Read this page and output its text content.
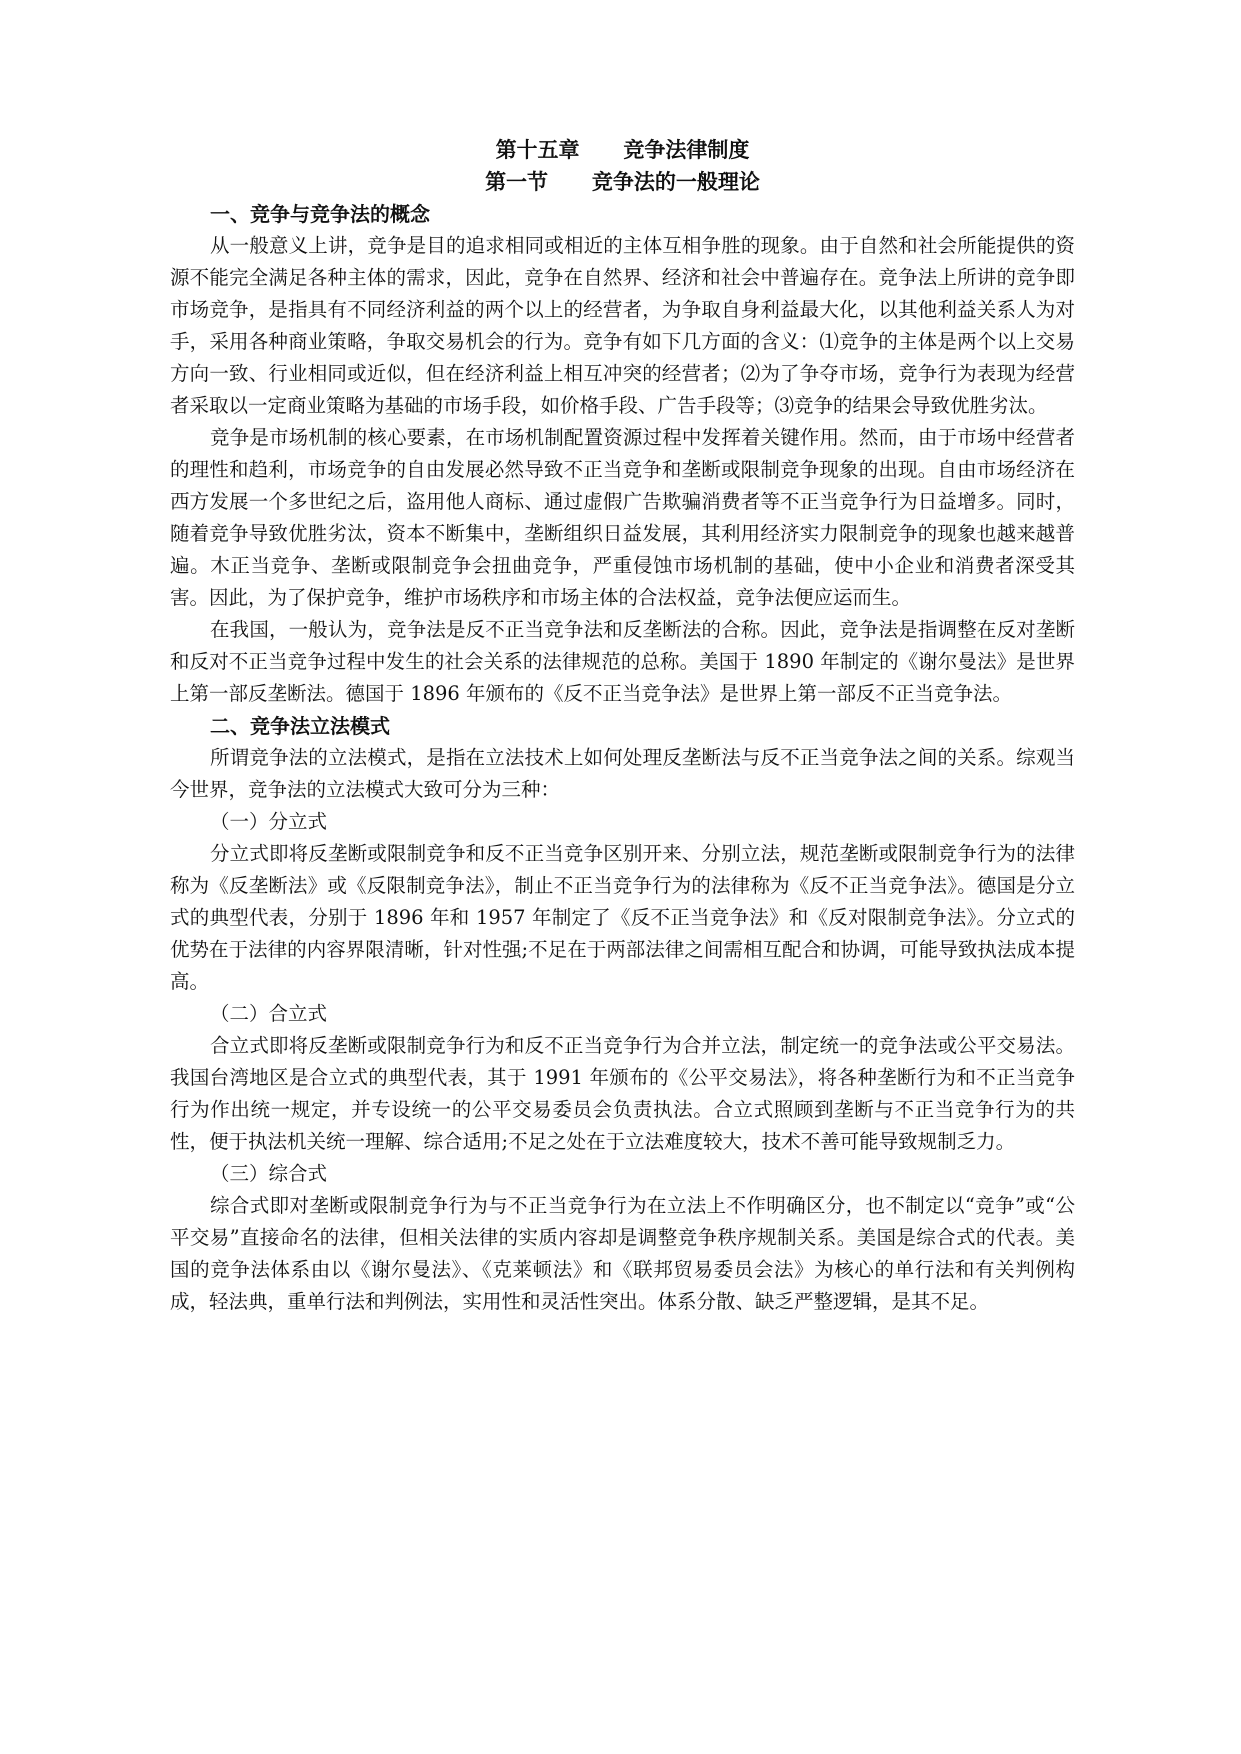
第十五章      竞争法律制度

第一节      竞争法的一般理论

一、竞争与竞争法的概念

从一般意义上讲，竞争是目的追求相同或相近的主体互相争胜的现象。由于自然和社会所能提供的资源不能完全满足各种主体的需求，因此，竞争在自然界、经济和社会中普遍存在。竞争法上所讲的竞争即市场竞争，是指具有不同经济利益的两个以上的经营者，为争取自身利益最大化，以其他利益关系人为对手，采用各种商业策略，争取交易机会的行为。竞争有如下几方面的含义：⑴竞争的主体是两个以上交易方向一致、行业相同或近似，但在经济利益上相互冲突的经营者；⑵为了争夺市场，竞争行为表现为经营者采取以一定商业策略为基础的市场手段，如价格手段、广告手段等；⑶竞争的结果会导致优胜劣汰。

竞争是市场机制的核心要素，在市场机制配置资源过程中发挥着关键作用。然而，由于市场中经营者的理性和趋利，市场竞争的自由发展必然导致不正当竞争和垄断或限制竞争现象的出现。自由市场经济在西方发展一个多世纪之后，盗用他人商标、通过虚假广告欺骗消费者等不正当竞争行为日益增多。同时，随着竞争导致优胜劣汰，资本不断集中，垄断组织日益发展，其利用经济实力限制竞争的现象也越来越普遍。木正当竞争、垄断或限制竞争会扭曲竞争，严重侵蚀市场机制的基础，使中小企业和消费者深受其害。因此，为了保护竞争，维护市场秩序和市场主体的合法权益，竞争法便应运而生。

在我国，一般认为，竞争法是反不正当竞争法和反垄断法的合称。因此，竞争法是指调整在反对垄断和反对不正当竞争过程中发生的社会关系的法律规范的总称。美国于 1890 年制定的《谢尔曼法》是世界上第一部反垄断法。德国于 1896 年颁布的《反不正当竞争法》是世界上第一部反不正当竞争法。

二、竞争法立法模式

所谓竞争法的立法模式，是指在立法技术上如何处理反垄断法与反不正当竞争法之间的关系。综观当今世界，竞争法的立法模式大致可分为三种：

（一）分立式

分立式即将反垄断或限制竞争和反不正当竞争区别开来、分别立法，规范垄断或限制竞争行为的法律称为《反垄断法》或《反限制竞争法》，制止不正当竞争行为的法律称为《反不正当竞争法》。德国是分立式的典型代表，分别于 1896 年和 1957 年制定了《反不正当竞争法》和《反对限制竞争法》。分立式的优势在于法律的内容界限清晰，针对性强;不足在于两部法律之间需相互配合和协调，可能导致执法成本提高。

（二）合立式

合立式即将反垄断或限制竞争行为和反不正当竞争行为合并立法，制定统一的竞争法或公平交易法。我国台湾地区是合立式的典型代表，其于 1991 年颁布的《公平交易法》，将各种垄断行为和不正当竞争行为作出统一规定，并专设统一的公平交易委员会负责执法。合立式照顾到垄断与不正当竞争行为的共性，便于执法机关统一理解、综合适用;不足之处在于立法难度较大，技术不善可能导致规制乏力。

（三）综合式

综合式即对垄断或限制竞争行为与不正当竞争行为在立法上不作明确区分，也不制定以“竞争”或“公平交易”直接命名的法律，但相关法律的实质内容却是调整竞争秩序规制关系。美国是综合式的代表。美国的竞争法体系由以《谢尔曼法》、《克莱顿法》和《联邦贸易委员会法》为核心的单行法和有关判例构成，轻法典，重单行法和判例法，实用性和灵活性突出。体系分散、缺乏严整逻辑，是其不足。
